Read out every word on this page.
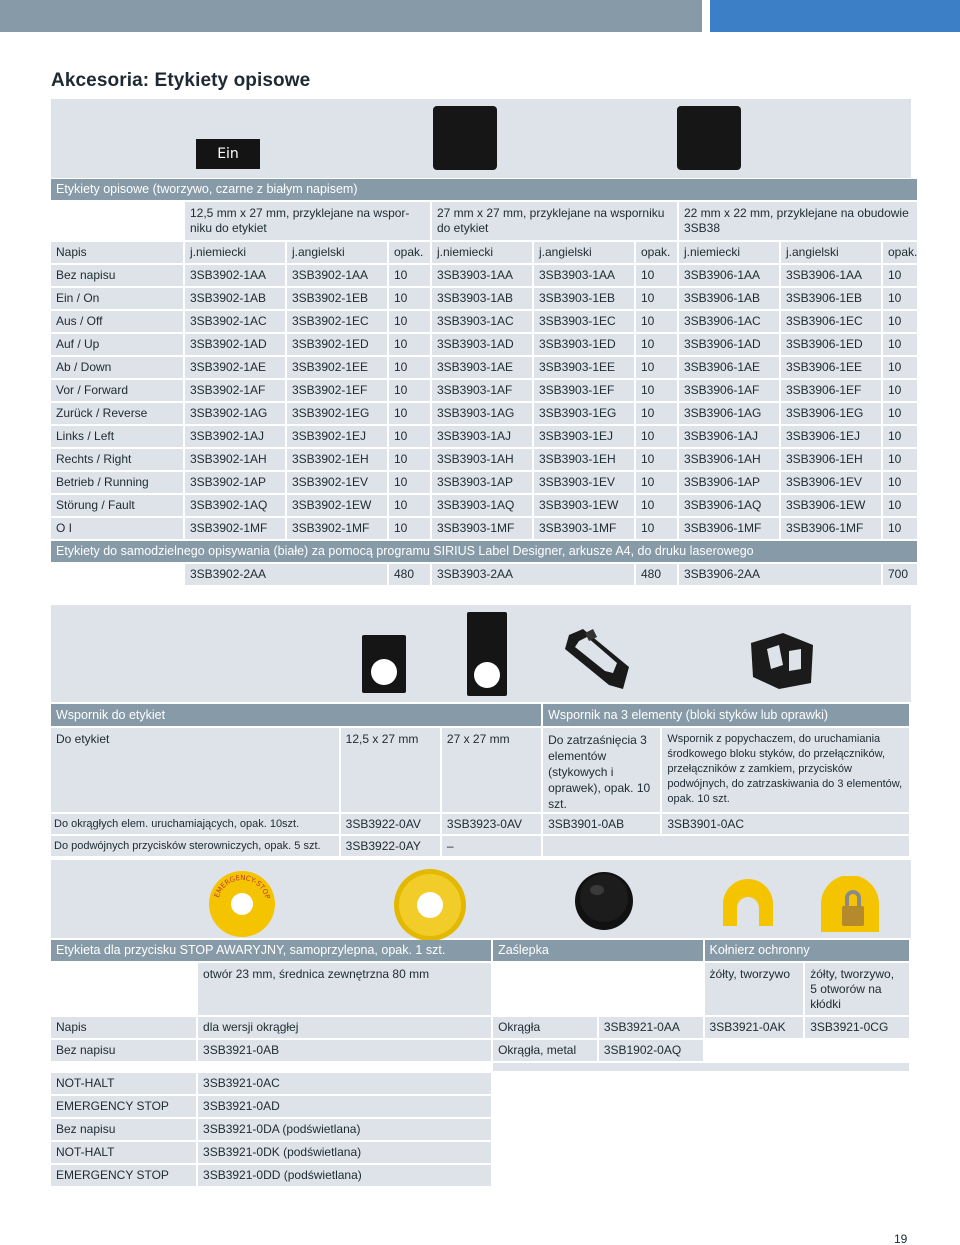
Akcesoria: Etykiety opisowe
Ein
Etykiety opisowe (tworzywo, czarne z białym napisem)									
	12,5 mm x 27 mm, przyklejane na wspor-niku do etykiet			27 mm x 27 mm, przyklejane na wsporniku do etykiet			22 mm x 22 mm, przyklejane na obudowie 3SB38		
Napis	j.niemiecki	j.angielski	opak.	j.niemiecki	j.angielski	opak.	j.niemiecki	j.angielski	opak.
Bez napisu	3SB3902-1AA	3SB3902-1AA	10	3SB3903-1AA	3SB3903-1AA	10	3SB3906-1AA	3SB3906-1AA	10
Ein / On	3SB3902-1AB	3SB3902-1EB	10	3SB3903-1AB	3SB3903-1EB	10	3SB3906-1AB	3SB3906-1EB	10
Aus / Off	3SB3902-1AC	3SB3902-1EC	10	3SB3903-1AC	3SB3903-1EC	10	3SB3906-1AC	3SB3906-1EC	10
Auf / Up	3SB3902-1AD	3SB3902-1ED	10	3SB3903-1AD	3SB3903-1ED	10	3SB3906-1AD	3SB3906-1ED	10
Ab / Down	3SB3902-1AE	3SB3902-1EE	10	3SB3903-1AE	3SB3903-1EE	10	3SB3906-1AE	3SB3906-1EE	10
Vor / Forward	3SB3902-1AF	3SB3902-1EF	10	3SB3903-1AF	3SB3903-1EF	10	3SB3906-1AF	3SB3906-1EF	10
Zurück / Reverse	3SB3902-1AG	3SB3902-1EG	10	3SB3903-1AG	3SB3903-1EG	10	3SB3906-1AG	3SB3906-1EG	10
Links / Left	3SB3902-1AJ	3SB3902-1EJ	10	3SB3903-1AJ	3SB3903-1EJ	10	3SB3906-1AJ	3SB3906-1EJ	10
Rechts / Right	3SB3902-1AH	3SB3902-1EH	10	3SB3903-1AH	3SB3903-1EH	10	3SB3906-1AH	3SB3906-1EH	10
Betrieb / Running	3SB3902-1AP	3SB3902-1EV	10	3SB3903-1AP	3SB3903-1EV	10	3SB3906-1AP	3SB3906-1EV	10
Störung / Fault	3SB3902-1AQ	3SB3902-1EW	10	3SB3903-1AQ	3SB3903-1EW	10	3SB3906-1AQ	3SB3906-1EW	10
O I	3SB3902-1MF	3SB3902-1MF	10	3SB3903-1MF	3SB3903-1MF	10	3SB3906-1MF	3SB3906-1MF	10
Etykiety do samodzielnego opisywania (białe) za pomocą programu SIRIUS Label Designer, arkusze A4, do druku laserowego									
	3SB3902-2AA		480	3SB3903-2AA		480	3SB3906-2AA		700
Wspornik do etykiet			Wspornik na 3 elementy (bloki styków lub oprawki)	
Do etykiet	12,5 x 27 mm	27 x 27 mm	Do zatrzaśnięcia 3 elementów (stykowych i oprawek), opak. 10 szt.	Wspornik z popychaczem, do uruchamiania środkowego bloku styków, do przełączników, przełączników z zamkiem, przycisków podwójnych, do zatrzaskiwania do 3 elementów, opak. 10 szt.
Do okrągłych elem. uruchamiających, opak. 10szt.	3SB3922-0AV	3SB3923-0AV	3SB3901-0AB	3SB3901-0AC
Do podwójnych przycisków sterowniczych, opak. 5 szt.	3SB3922-0AY	–		
EMERGENCY-STOP
Etykieta dla przycisku STOP AWARYJNY, samoprzylepna, opak. 1 szt.		Zaślepka		Kołnierz ochronny	
	otwór 23 mm, średnica zewnętrzna 80 mm			żółty, tworzywo	żółty, tworzywo, 5 otworów na kłódki
Napis	dla wersji okrągłej	Okrągła	3SB3921-0AA	3SB3921-0AK	3SB3921-0CG
Bez napisu	3SB3921-0AB	Okrągła, metal	3SB1902-0AQ		

NOT-HALT	3SB3921-0AC				
EMERGENCY STOP	3SB3921-0AD				
Bez napisu	3SB3921-0DA (podświetlana)				
NOT-HALT	3SB3921-0DK (podświetlana)				
EMERGENCY STOP	3SB3921-0DD (podświetlana)				
19
